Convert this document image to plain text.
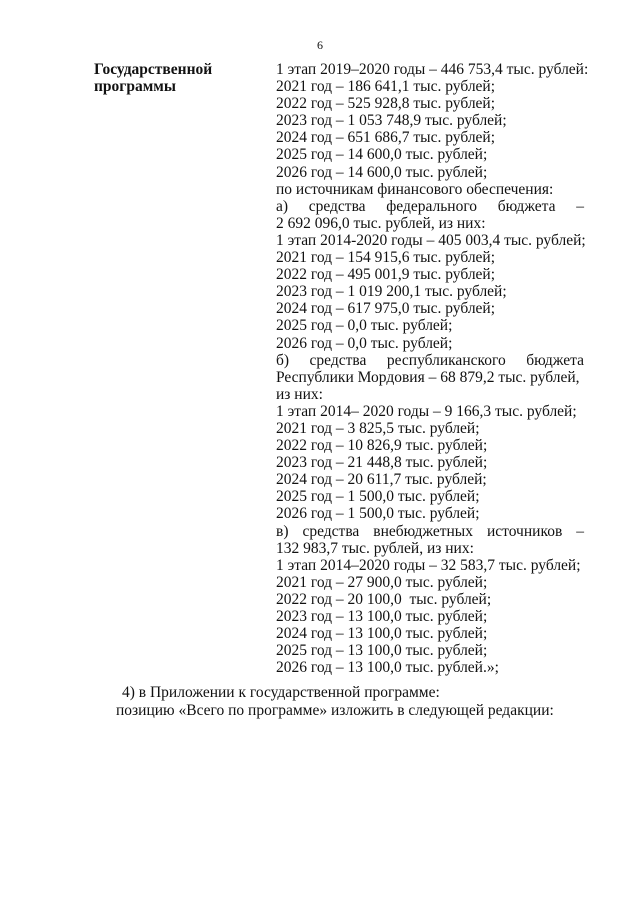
6
Государственной
программы
1 этап 2019–2020 годы – 446 753,4 тыс. рублей:
2021 год – 186 641,1 тыс. рублей;
2022 год – 525 928,8 тыс. рублей;
2023 год – 1 053 748,9 тыс. рублей;
2024 год – 651 686,7 тыс. рублей;
2025 год – 14 600,0 тыс. рублей;
2026 год – 14 600,0 тыс. рублей;
по источникам финансового обеспечения:
а) средства федерального бюджета –
2 692 096,0 тыс. рублей, из них:
1 этап 2014-2020 годы – 405 003,4 тыс. рублей;
2021 год – 154 915,6 тыс. рублей;
2022 год – 495 001,9 тыс. рублей;
2023 год – 1 019 200,1 тыс. рублей;
2024 год – 617 975,0 тыс. рублей;
2025 год – 0,0 тыс. рублей;
2026 год – 0,0 тыс. рублей;
б) средства республиканского бюджета
Республики Мордовия – 68 879,2 тыс. рублей,
из них:
1 этап 2014– 2020 годы – 9 166,3 тыс. рублей;
2021 год – 3 825,5 тыс. рублей;
2022 год – 10 826,9 тыс. рублей;
2023 год – 21 448,8 тыс. рублей;
2024 год – 20 611,7 тыс. рублей;
2025 год – 1 500,0 тыс. рублей;
2026 год – 1 500,0 тыс. рублей;
в) средства внебюджетных источников –
132 983,7 тыс. рублей, из них:
1 этап 2014–2020 годы – 32 583,7 тыс. рублей;
2021 год – 27 900,0 тыс. рублей;
2022 год – 20 100,0  тыс. рублей;
2023 год – 13 100,0 тыс. рублей;
2024 год – 13 100,0 тыс. рублей;
2025 год – 13 100,0 тыс. рублей;
2026 год – 13 100,0 тыс. рублей.»;
4) в Приложении к государственной программе:
позицию «Всего по программе» изложить в следующей редакции:
